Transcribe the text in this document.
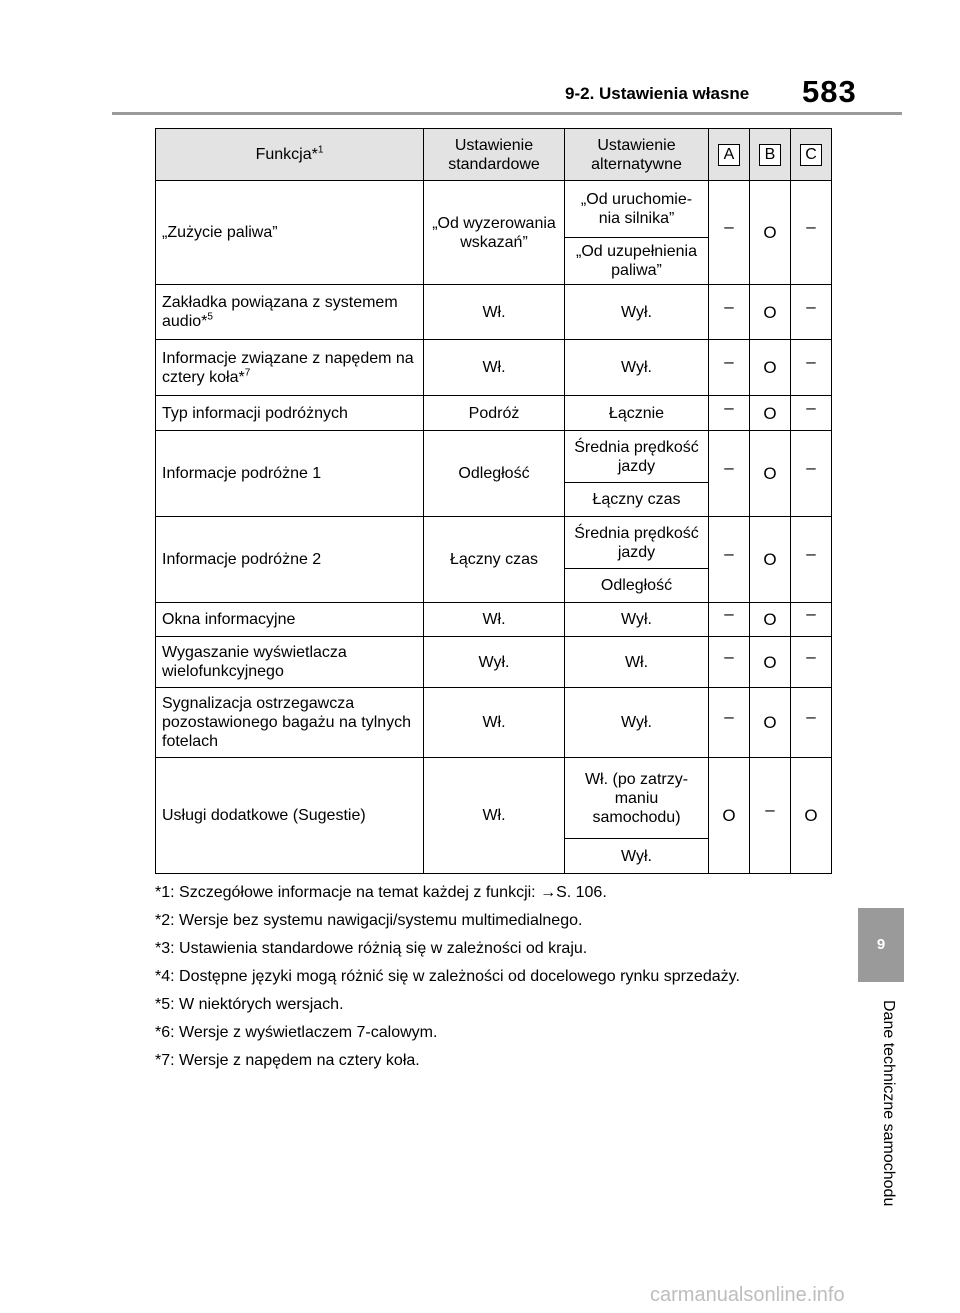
9-2. Ustawienia własne 583
Funkcja*$^1$	Ustawienie standardowe	Ustawienie alternatywne	A	B	C
„Zużycie paliwa”	„Od wyzerowania wskazań”	„Od uruchomie-nia silnika”	–	O	–
		„Od uzupełnienia paliwa”			
Zakładka powiązana z systemem audio*$^5$	Wł.	Wył.	–	O	–
Informacje związane z napędem na cztery koła*$^7$	Wł.	Wył.	–	O	–
Typ informacji podróżnych	Podróż	Łącznie	–	O	–
Informacje podróżne 1	Odległość	Średnia prędkość jazdy	–	O	–
		Łączny czas			
Informacje podróżne 2	Łączny czas	Średnia prędkość jazdy	–	O	–
		Odległość			
Okna informacyjne	Wł.	Wył.	–	O	–
Wygaszanie wyświetlacza wielofunkcyjnego	Wył.	Wł.	–	O	–
Sygnalizacja ostrzegawcza pozostawionego bagażu na tylnych fotelach	Wł.	Wył.	–	O	–
Usługi dodatkowe (Sugestie)	Wł.	Wł. (po zatrzy-maniu samochodu)	O	–	O
		Wył.			
*1: Szczegółowe informacje na temat każdej z funkcji: →S. 106.
*2: Wersje bez systemu nawigacji/systemu multimedialnego.
*3: Ustawienia standardowe różnią się w zależności od kraju.
*4: Dostępne języki mogą różnić się w zależności od docelowego rynku sprzedaży.
*5: W niektórych wersjach.
*6: Wersje z wyświetlaczem 7-calowym.
*7: Wersje z napędem na cztery koła.
9
Dane techniczne samochodu
carmanualsonline.info
